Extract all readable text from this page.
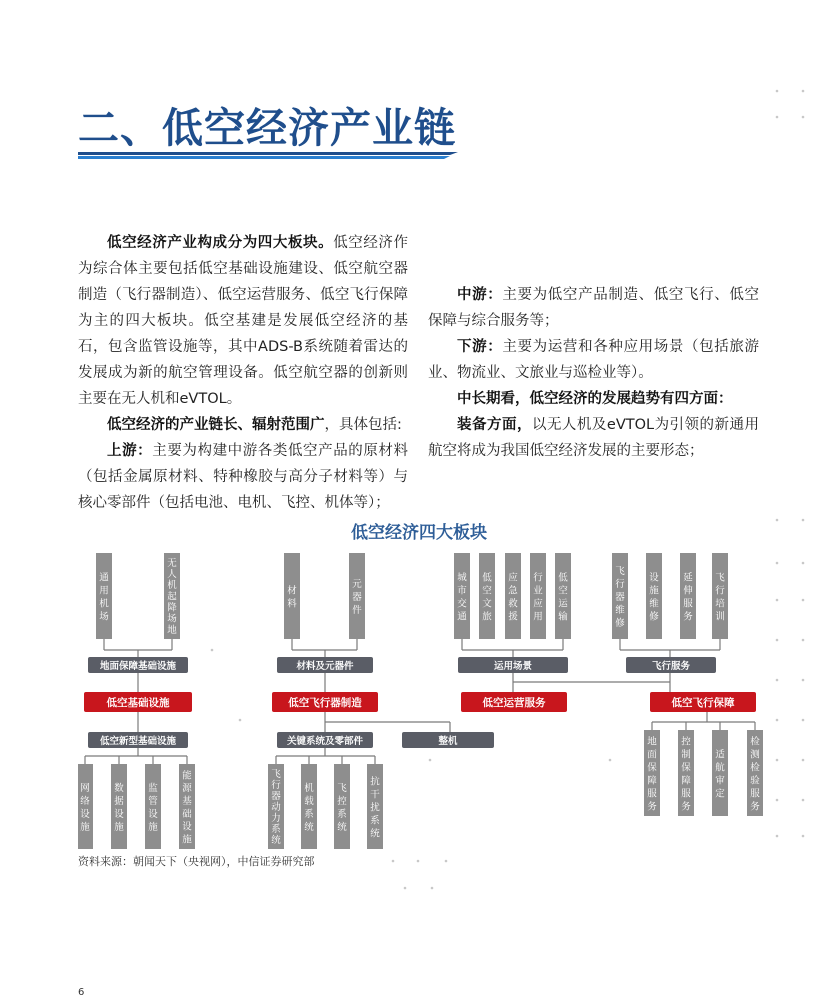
二、低空经济产业链

低空经济产业构成分为四大板块。低空经济作为综合体主要包括低空基础设施建设、低空航空器制造（飞行器制造）、低空运营服务、低空飞行保障为主的四大板块。低空基建是发展低空经济的基石，包含监管设施等，其中ADS-B系统随着雷达的发展成为新的航空管理设备。低空航空器的创新则主要在无人机和eVTOL。

低空经济的产业链长、辐射范围广，具体包括:

上游：主要为构建中游各类低空产品的原材料（包括金属原材料、特种橡胶与高分子材料等）与核心零部件（包括电池、电机、飞控、机体等）；

中游：主要为低空产品制造、低空飞行、低空保障与综合服务等；

下游：主要为运营和各种应用场景（包括旅游业、物流业、文旅业与巡检业等）。

中长期看，低空经济的发展趋势有四方面：

装备方面，以无人机及eVTOL为引领的新通用航空将成为我国低空经济发展的主要形态；

低空经济四大板块
通
用
机
场
无
人
机
起
降
场
地
材
料
元
器
件
城
市
交
通
低
空
文
旅
应
急
救
援
行
业
应
用
低
空
运
输
飞
行
器
维
修
设
施
维
修
延
伸
服
务
飞
行
培
训
地面保障基础设施	材料及元器件	运用场景	飞行服务
低空基础设施	低空飞行器制造	低空运营服务	低空飞行保障
低空新型基础设施	关键系统及零部件	整机
网
络
设
施
数
据
设
施
监
管
设
施
能
源
基
础
设
施
飞
行
器
动
力
系
统
机
载
系
统
飞
控
系
统
抗
干
扰
系
统
地
面
保
障
服
务
控
制
保
障
服
务
适
航
审
定
检
测
检
验
服
务
资料来源：朝闻天下（央视网），中信证券研究部
6
